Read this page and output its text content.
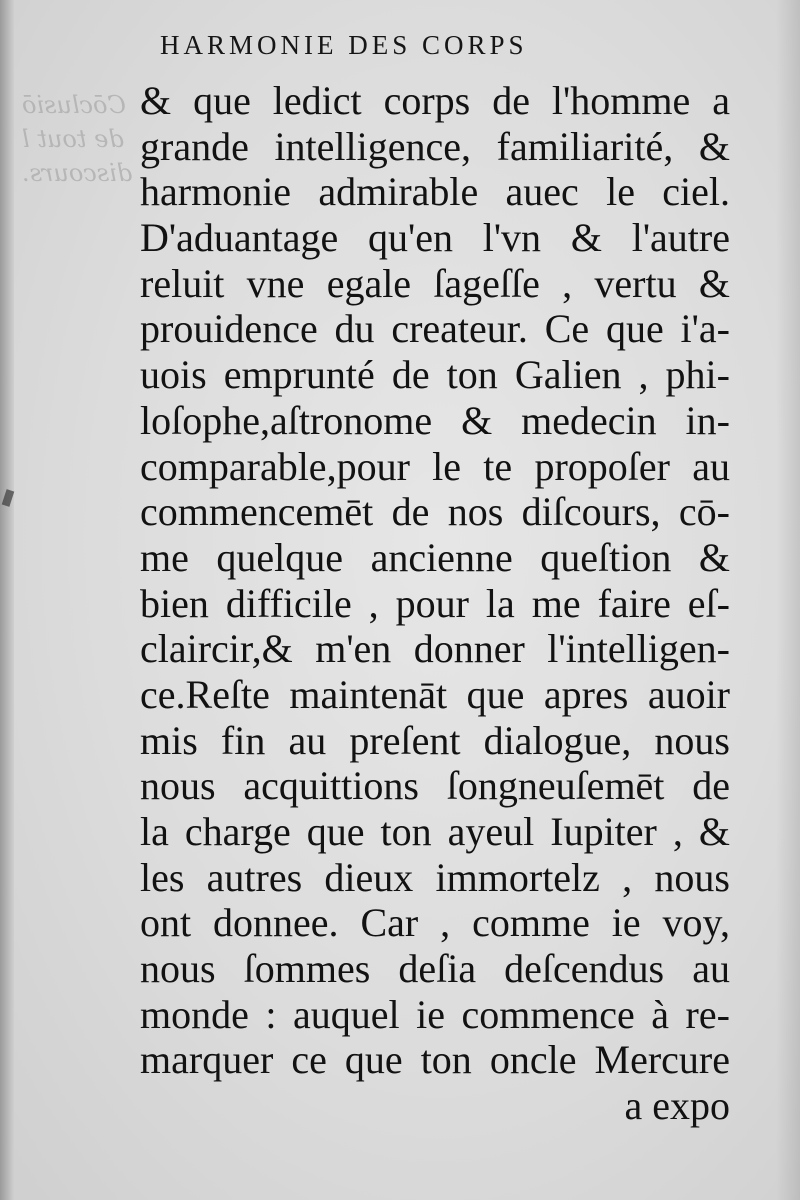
Cōclusiō
de tout l
discours.
HARMONIE DES CORPS
& que ledict corps de l'homme a
grande intelligence, familiarité, &
harmonie admirable auec le ciel.
D'aduantage qu'en l'vn & l'autre
reluit vne egale ſageſſe , vertu &
prouidence du createur. Ce que i'a-
uois emprunté de ton Galien , phi-
loſophe,aſtronome & medecin in-
comparable,pour le te propoſer au
commencemēt de nos diſcours, cō-
me quelque ancienne queſtion &
bien difficile , pour la me faire eſ-
claircir,& m'en donner l'intelligen-
ce.Reſte maintenāt que apres auoir
mis fin au preſent dialogue, nous
nous acquittions ſongneuſemēt de
la charge que ton ayeul Iupiter , &
les autres dieux immortelz , nous
ont donnee. Car , comme ie voy,
nous ſommes deſia deſcendus au
monde : auquel ie commence à re-
marquer ce que ton oncle Mercure
a expo
